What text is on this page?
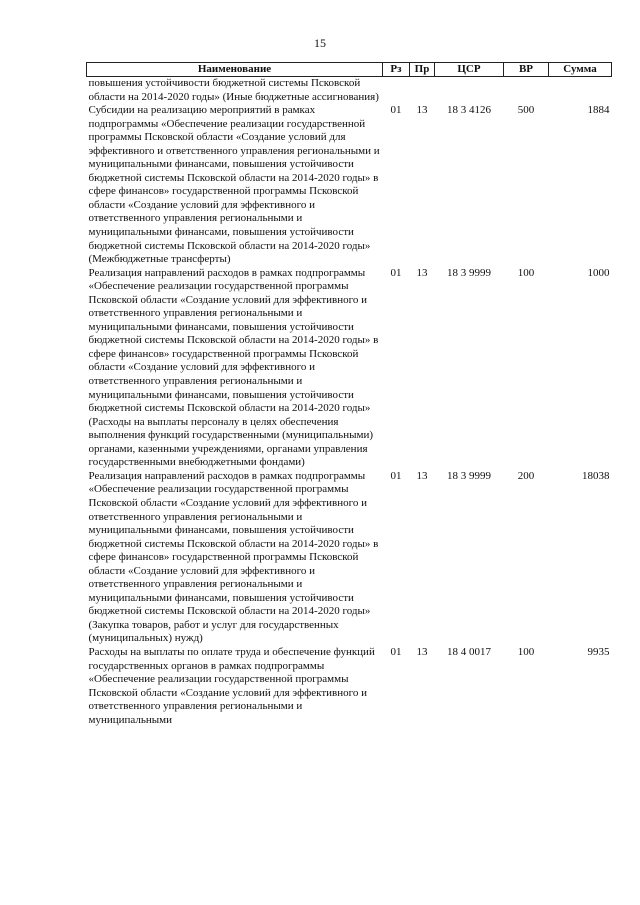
15
Наименование	Рз	Пр	ЦСР	ВР	Сумма
повышения устойчивости бюджетной системы Псковской области на 2014-2020 годы» (Иные бюджетные ассигнования)					
Субсидии на реализацию мероприятий в рамках подпрограммы «Обеспечение реализации государственной программы Псковской области «Создание условий для эффективного и ответственного управления региональными и муниципальными финансами, повышения устойчивости бюджетной системы Псковской области на 2014-2020 годы» в сфере финансов» государственной программы Псковской области «Создание условий для эффективного и ответственного управления региональными и муниципальными финансами, повышения устойчивости бюджетной системы Псковской области на 2014-2020 годы» (Межбюджетные трансферты)	01	13	18 3 4126	500	1884
Реализация направлений расходов в рамках подпрограммы «Обеспечение реализации государственной программы Псковской области «Создание условий для эффективного и ответственного управления региональными и муниципальными финансами, повышения устойчивости бюджетной системы Псковской области на 2014-2020 годы» в сфере финансов» государственной программы Псковской области «Создание условий для эффективного и ответственного управления региональными и муниципальными финансами, повышения устойчивости бюджетной системы Псковской области на 2014-2020 годы» (Расходы на выплаты персоналу в целях обеспечения выполнения функций государственными (муниципальными) органами, казенными учреждениями, органами управления государственными внебюджетными фондами)	01	13	18 3 9999	100	1000
Реализация направлений расходов в рамках подпрограммы «Обеспечение реализации государственной программы Псковской области «Создание условий для эффективного и ответственного управления региональными и муниципальными финансами, повышения устойчивости бюджетной системы Псковской области на 2014-2020 годы» в сфере финансов» государственной программы Псковской области «Создание условий для эффективного и ответственного управления региональными и муниципальными финансами, повышения устойчивости бюджетной системы Псковской области на 2014-2020 годы» (Закупка товаров, работ и услуг для государственных (муниципальных) нужд)	01	13	18 3 9999	200	18038
Расходы на выплаты по оплате труда и обеспечение функций государственных органов в рамках подпрограммы «Обеспечение реализации государственной программы Псковской области «Создание условий для эффективного и ответственного управления региональными и муниципальными	01	13	18 4 0017	100	9935
